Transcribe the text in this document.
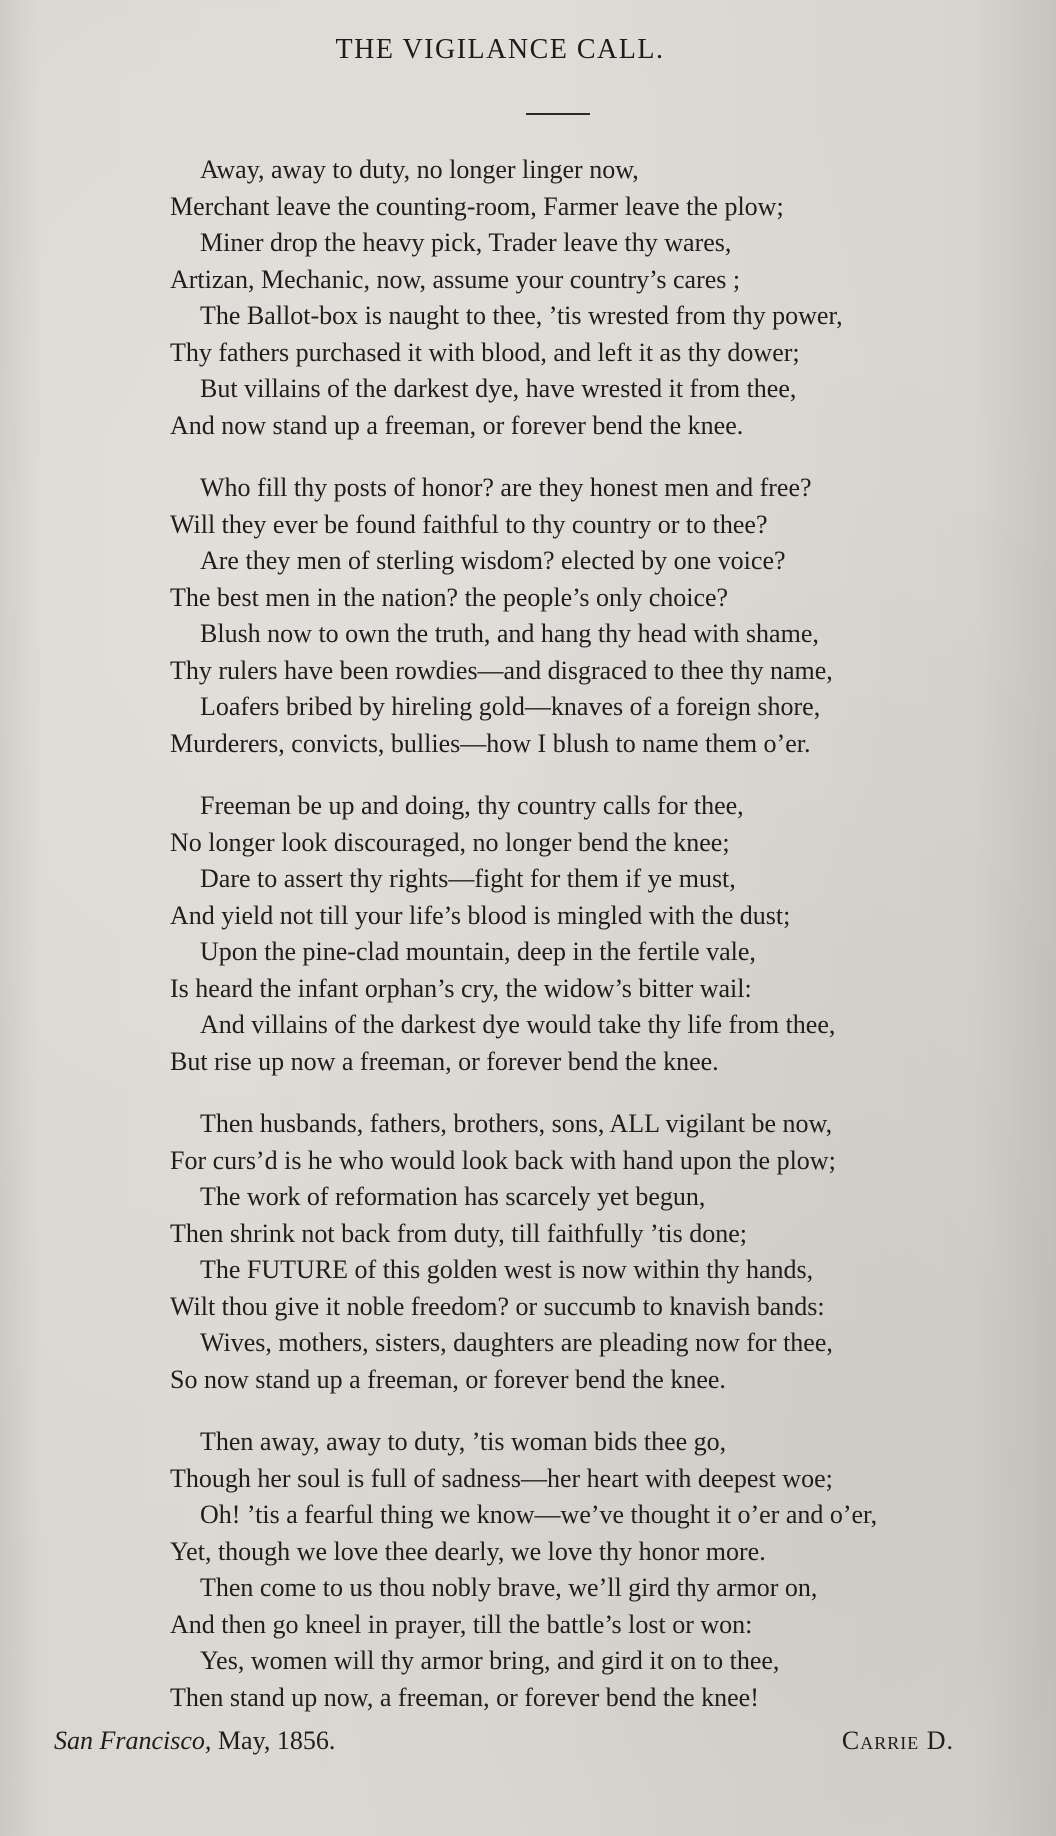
THE VIGILANCE CALL.
Away, away to duty, no longer linger now,
Merchant leave the counting-room, Farmer leave the plow;
Miner drop the heavy pick, Trader leave thy wares,
Artizan, Mechanic, now, assume your country’s cares ;
The Ballot-box is naught to thee, ’tis wrested from thy power,
Thy fathers purchased it with blood, and left it as thy dower;
But villains of the darkest dye, have wrested it from thee,
And now stand up a freeman, or forever bend the knee.
Who fill thy posts of honor? are they honest men and free?
Will they ever be found faithful to thy country or to thee?
Are they men of sterling wisdom? elected by one voice?
The best men in the nation? the people’s only choice?
Blush now to own the truth, and hang thy head with shame,
Thy rulers have been rowdies—and disgraced to thee thy name,
Loafers bribed by hireling gold—knaves of a foreign shore,
Murderers, convicts, bullies—how I blush to name them o’er.
Freeman be up and doing, thy country calls for thee,
No longer look discouraged, no longer bend the knee;
Dare to assert thy rights—fight for them if ye must,
And yield not till your life’s blood is mingled with the dust;
Upon the pine-clad mountain, deep in the fertile vale,
Is heard the infant orphan’s cry, the widow’s bitter wail:
And villains of the darkest dye would take thy life from thee,
But rise up now a freeman, or forever bend the knee.
Then husbands, fathers, brothers, sons, ALL vigilant be now,
For curs’d is he who would look back with hand upon the plow;
The work of reformation has scarcely yet begun,
Then shrink not back from duty, till faithfully ’tis done;
The FUTURE of this golden west is now within thy hands,
Wilt thou give it noble freedom? or succumb to knavish bands:
Wives, mothers, sisters, daughters are pleading now for thee,
So now stand up a freeman, or forever bend the knee.
Then away, away to duty, ’tis woman bids thee go,
Though her soul is full of sadness—her heart with deepest woe;
Oh! ’tis a fearful thing we know—we’ve thought it o’er and o’er,
Yet, though we love thee dearly, we love thy honor more.
Then come to us thou nobly brave, we’ll gird thy armor on,
And then go kneel in prayer, till the battle’s lost or won:
Yes, women will thy armor bring, and gird it on to thee,
Then stand up now, a freeman, or forever bend the knee!
San Francisco, May, 1856.	Carrie D.
